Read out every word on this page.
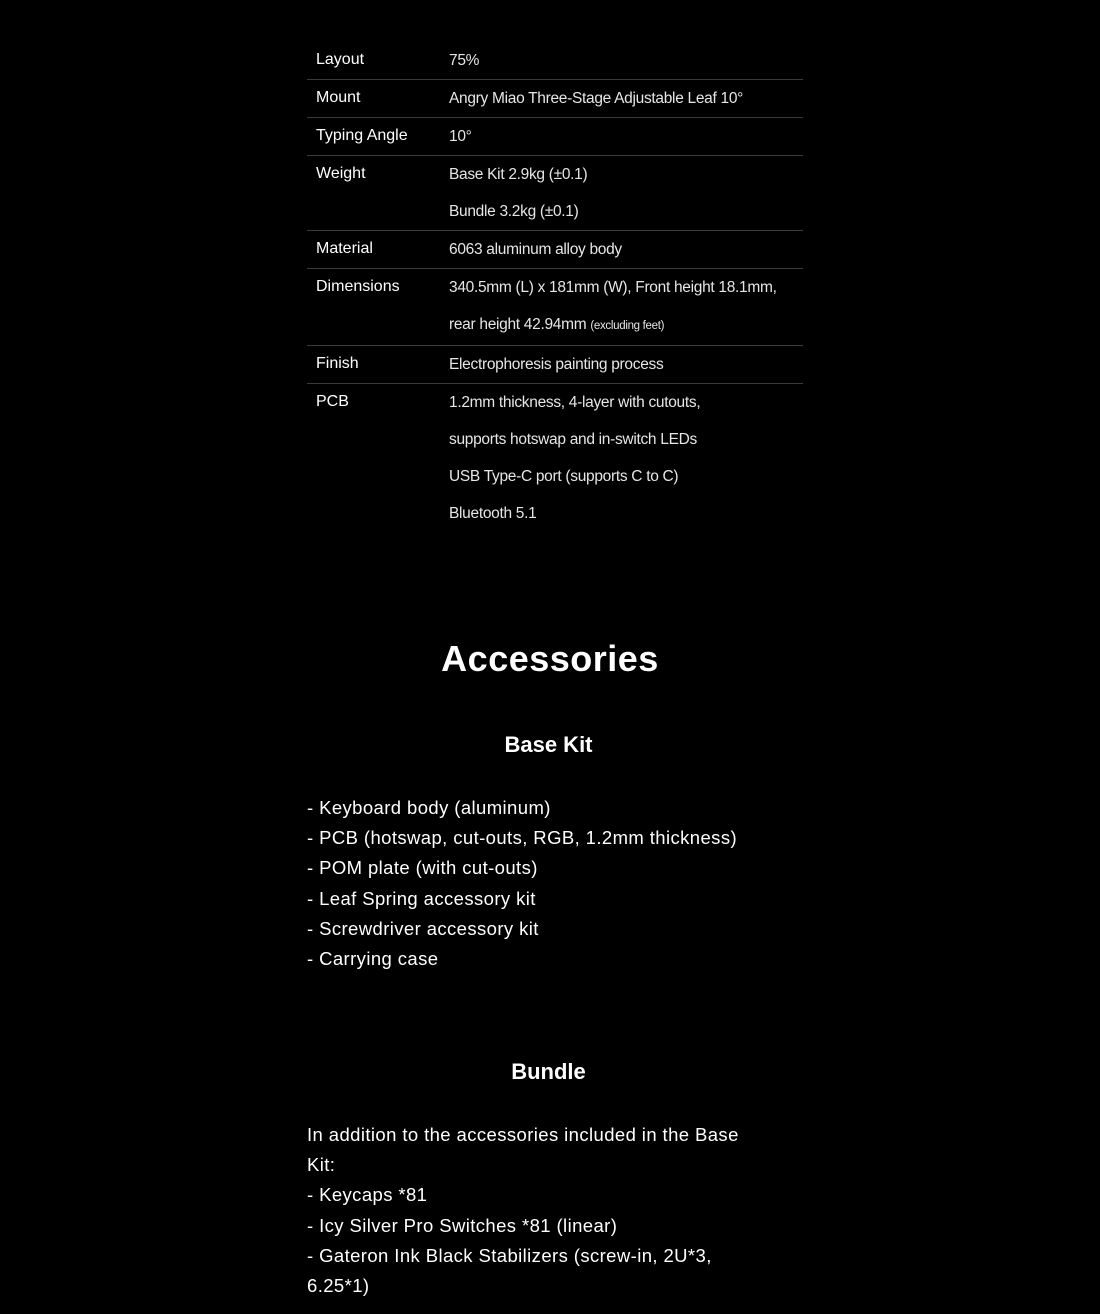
Layout	75%
Mount	Angry Miao Three-Stage Adjustable Leaf 10°
Typing Angle	10°
Weight	Base Kit 2.9kg (±0.1)
Bundle 3.2kg (±0.1)
Material	6063 aluminum alloy body
Dimensions	340.5mm (L) x 181mm (W), Front height 18.1mm,
rear height 42.94mm (excluding feet)
Finish	Electrophoresis painting process
PCB	1.2mm thickness, 4-layer with cutouts,
supports hotswap and in-switch LEDs
USB Type-C port (supports C to C)
Bluetooth 5.1
Accessories
Base Kit
- Keyboard body (aluminum)
- PCB (hotswap, cut-outs, RGB, 1.2mm thickness)
- POM plate (with cut-outs)
- Leaf Spring accessory kit
- Screwdriver accessory kit
- Carrying case
Bundle
In addition to the accessories included in the Base
Kit:
- Keycaps *81
- Icy Silver Pro Switches *81 (linear)
- Gateron Ink Black Stabilizers (screw-in, 2U*3,
6.25*1)
